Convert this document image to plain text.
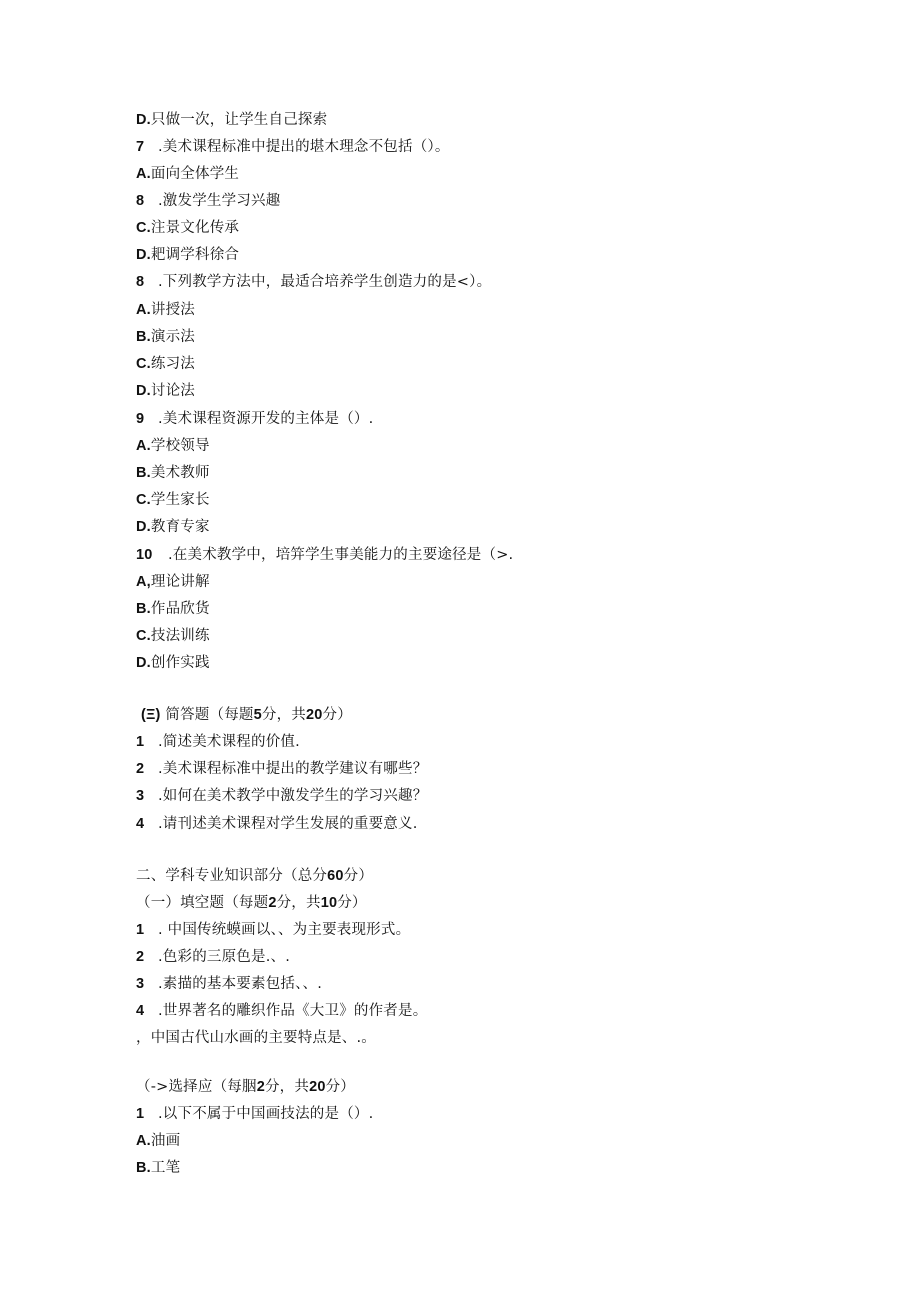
D.只做一次，让学生自己探索
7 .美术课程标准中提出的堪木理念不包括（）。
A.面向全体学生
8 .激发学生学习兴趣
C.注景文化传承
D.耙调学科徐合
8 .下列教学方法中，最适合培养学生创造力的是<）。
A.讲授法
B.演示法
C.练习法
D.讨论法
9 .美术课程资源开发的主体是（）.
A.学校领导
B.美术教师
C.学生家长
D.教育专家
10 .在美术教学中，培笄学生事美能力的主要途径是（>.
A,理论讲解
B.作品欣货
C.技法训练
D.创作实践
(Ξ) 简答题（每题5分，共20分）
1 .简述美术课程的价值.
2 .美术课程标准中提出的教学建议有哪些？
3 .如何在美术教学中激发学生的学习兴趣？
4 .请刊述美术课程对学生发展的重要意义.
二、学科专业知识部分（总分60分）
（一）填空题（每题2分，共10分）
1 . 中国传统蟆画以、、为主要表现形式。
2 .色彩的三原色是.、.
3 .素描的基本要素包括、、.
4 .世界著名的雕织作品《大卫》的作者是。
，中国古代山水画的主要特点是、.。
（->选择应（每胭2分，共20分）
1 .以下不属于中国画技法的是（）.
A.油画
B.工笔
